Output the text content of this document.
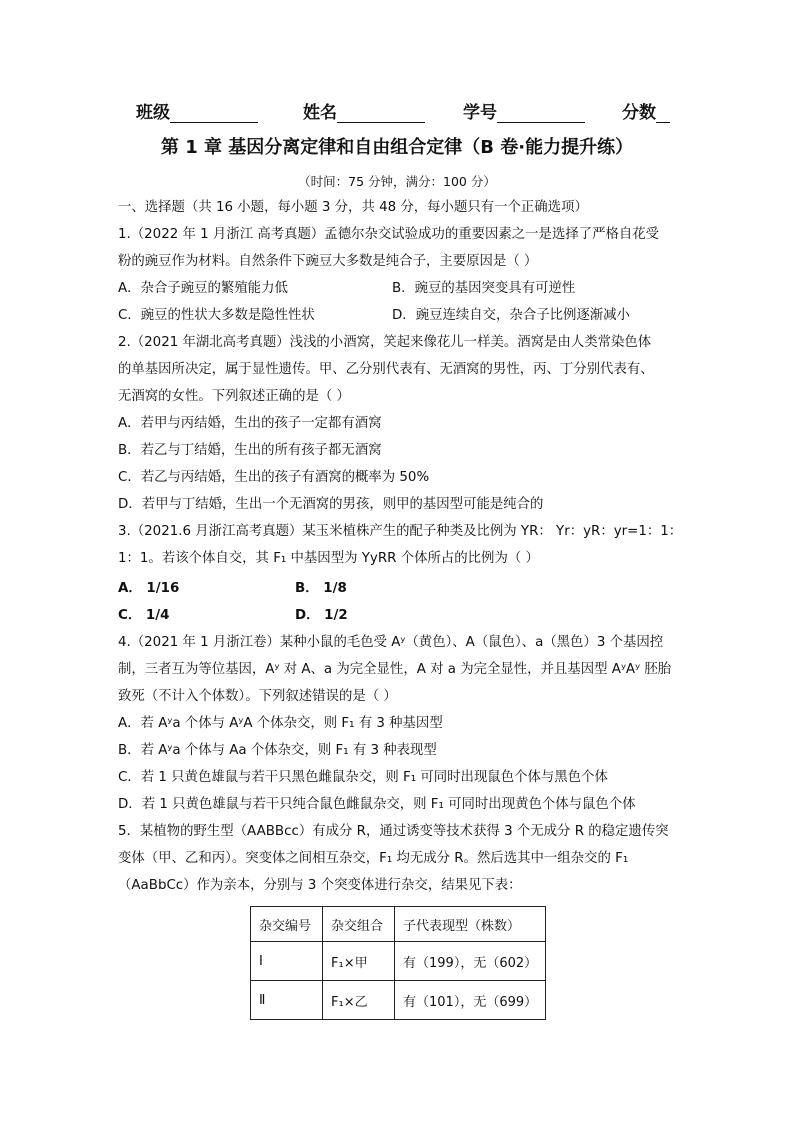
班级	姓名	学号	分数
第 1 章 基因分离定律和自由组合定律（B 卷·能力提升练）
（时间：75 分钟，满分：100 分）
一、选择题（共 16 小题，每小题 3 分，共 48 分，每小题只有一个正确选项）
1.（2022 年 1 月浙江 高考真题）孟德尔杂交试验成功的重要因素之一是选择了严格自花受
粉的豌豆作为材料。自然条件下豌豆大多数是纯合子，主要原因是（ ）
A．杂合子豌豆的繁殖能力低	B．豌豆的基因突变具有可逆性
C．豌豆的性状大多数是隐性性状	D．豌豆连续自交，杂合子比例逐渐减小
2.（2021 年湖北高考真题）浅浅的小酒窝，笑起来像花儿一样美。酒窝是由人类常染色体
的单基因所决定，属于显性遗传。甲、乙分别代表有、无酒窝的男性，丙、丁分别代表有、
无酒窝的女性。下列叙述正确的是（ ）
A．若甲与丙结婚，生出的孩子一定都有酒窝
B．若乙与丁结婚，生出的所有孩子都无酒窝
C．若乙与丙结婚，生出的孩子有酒窝的概率为 50%
D．若甲与丁结婚，生出一个无酒窝的男孩，则甲的基因型可能是纯合的
3.（2021.6 月浙江高考真题）某玉米植株产生的配子种类及比例为 YR： Yr：yR：yr=1：1：
1：1。若该个体自交，其 F₁ 中基因型为 YyRR 个体所占的比例为（ ）
A． 1/16	B． 1/8
C． 1/4	D． 1/2
4.（2021 年 1 月浙江卷）某种小鼠的毛色受 Aʸ（黄色）、A（鼠色）、a（黑色）3 个基因控
制，三者互为等位基因，Aʸ 对 A、a 为完全显性，A 对 a 为完全显性，并且基因型 AʸAʸ 胚胎
致死（不计入个体数）。下列叙述错误的是（ ）
A．若 Aʸa 个体与 AʸA 个体杂交，则 F₁ 有 3 种基因型
B．若 Aʸa 个体与 Aa 个体杂交，则 F₁ 有 3 种表现型
C．若 1 只黄色雄鼠与若干只黑色雌鼠杂交，则 F₁ 可同时出现鼠色个体与黑色个体
D．若 1 只黄色雄鼠与若干只纯合鼠色雌鼠杂交，则 F₁ 可同时出现黄色个体与鼠色个体
5．某植物的野生型（AABBcc）有成分 R，通过诱变等技术获得 3 个无成分 R 的稳定遗传突
变体（甲、乙和丙）。突变体之间相互杂交，F₁ 均无成分 R。然后选其中一组杂交的 F₁
（AaBbCc）作为亲本，分别与 3 个突变体进行杂交，结果见下表：
杂交编号	杂交组合	子代表现型（株数）
Ⅰ	F₁×甲	有（199），无（602）
Ⅱ	F₁×乙	有（101），无（699）
